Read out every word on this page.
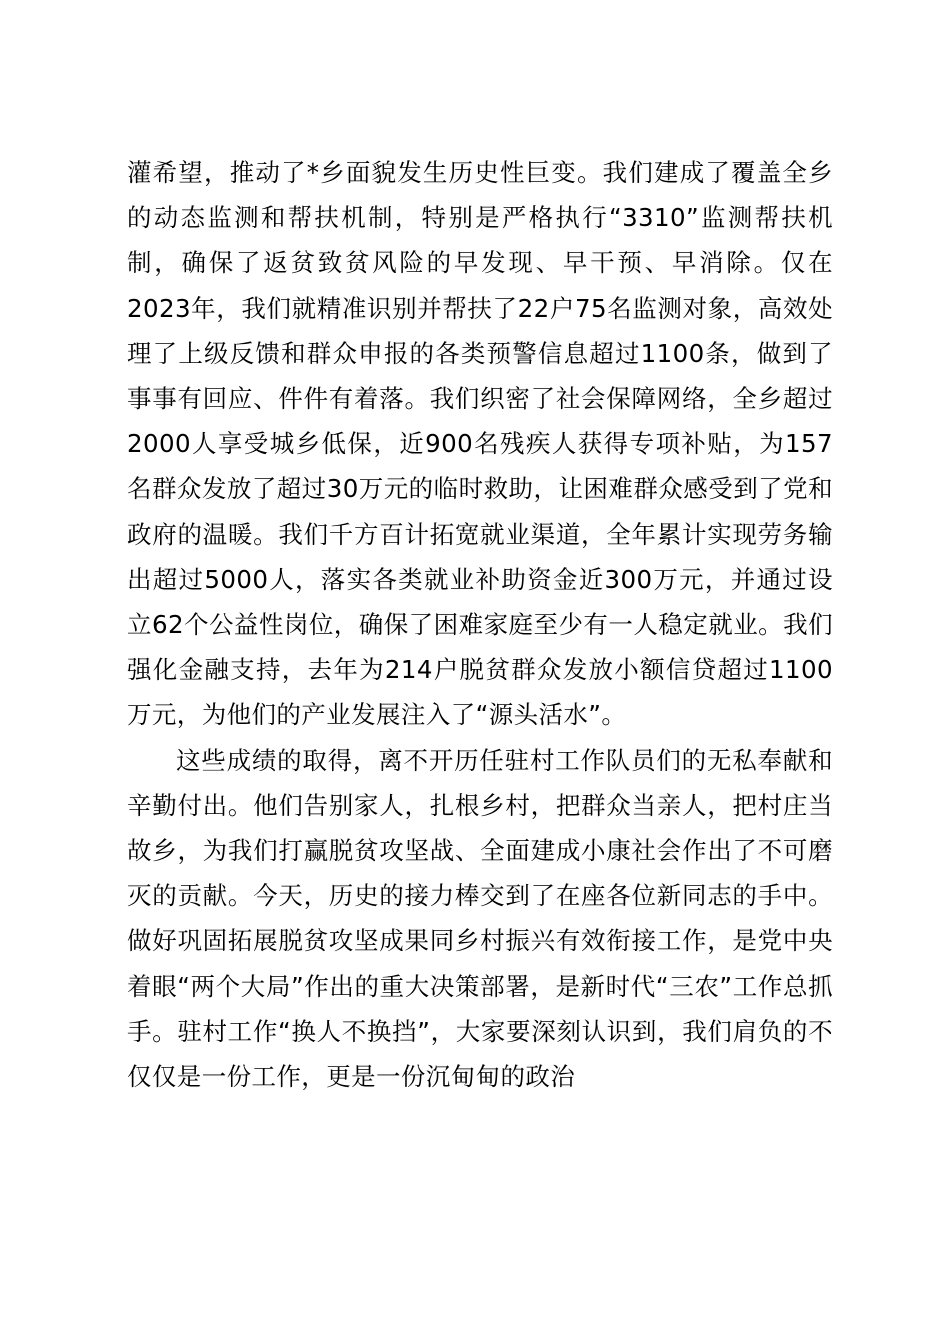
灌希望，推动了*乡面貌发生历史性巨变。我们建成了覆盖全乡的动态监测和帮扶机制，特别是严格执行“3310”监测帮扶机制，确保了返贫致贫风险的早发现、早干预、早消除。仅在2023年，我们就精准识别并帮扶了22户75名监测对象，高效处理了上级反馈和群众申报的各类预警信息超过1100条，做到了事事有回应、件件有着落。我们织密了社会保障网络，全乡超过2000人享受城乡低保，近900名残疾人获得专项补贴，为157名群众发放了超过30万元的临时救助，让困难群众感受到了党和政府的温暖。我们千方百计拓宽就业渠道，全年累计实现劳务输出超过5000人，落实各类就业补助资金近300万元，并通过设立62个公益性岗位，确保了困难家庭至少有一人稳定就业。我们强化金融支持，去年为214户脱贫群众发放小额信贷超过1100万元，为他们的产业发展注入了“源头活水”。

这些成绩的取得，离不开历任驻村工作队员们的无私奉献和辛勤付出。他们告别家人，扎根乡村，把群众当亲人，把村庄当故乡，为我们打赢脱贫攻坚战、全面建成小康社会作出了不可磨灭的贡献。今天，历史的接力棒交到了在座各位新同志的手中。做好巩固拓展脱贫攻坚成果同乡村振兴有效衔接工作，是党中央着眼“两个大局”作出的重大决策部署，是新时代“三农”工作总抓手。驻村工作“换人不换挡”，大家要深刻认识到，我们肩负的不仅仅是一份工作，更是一份沉甸甸的政治
